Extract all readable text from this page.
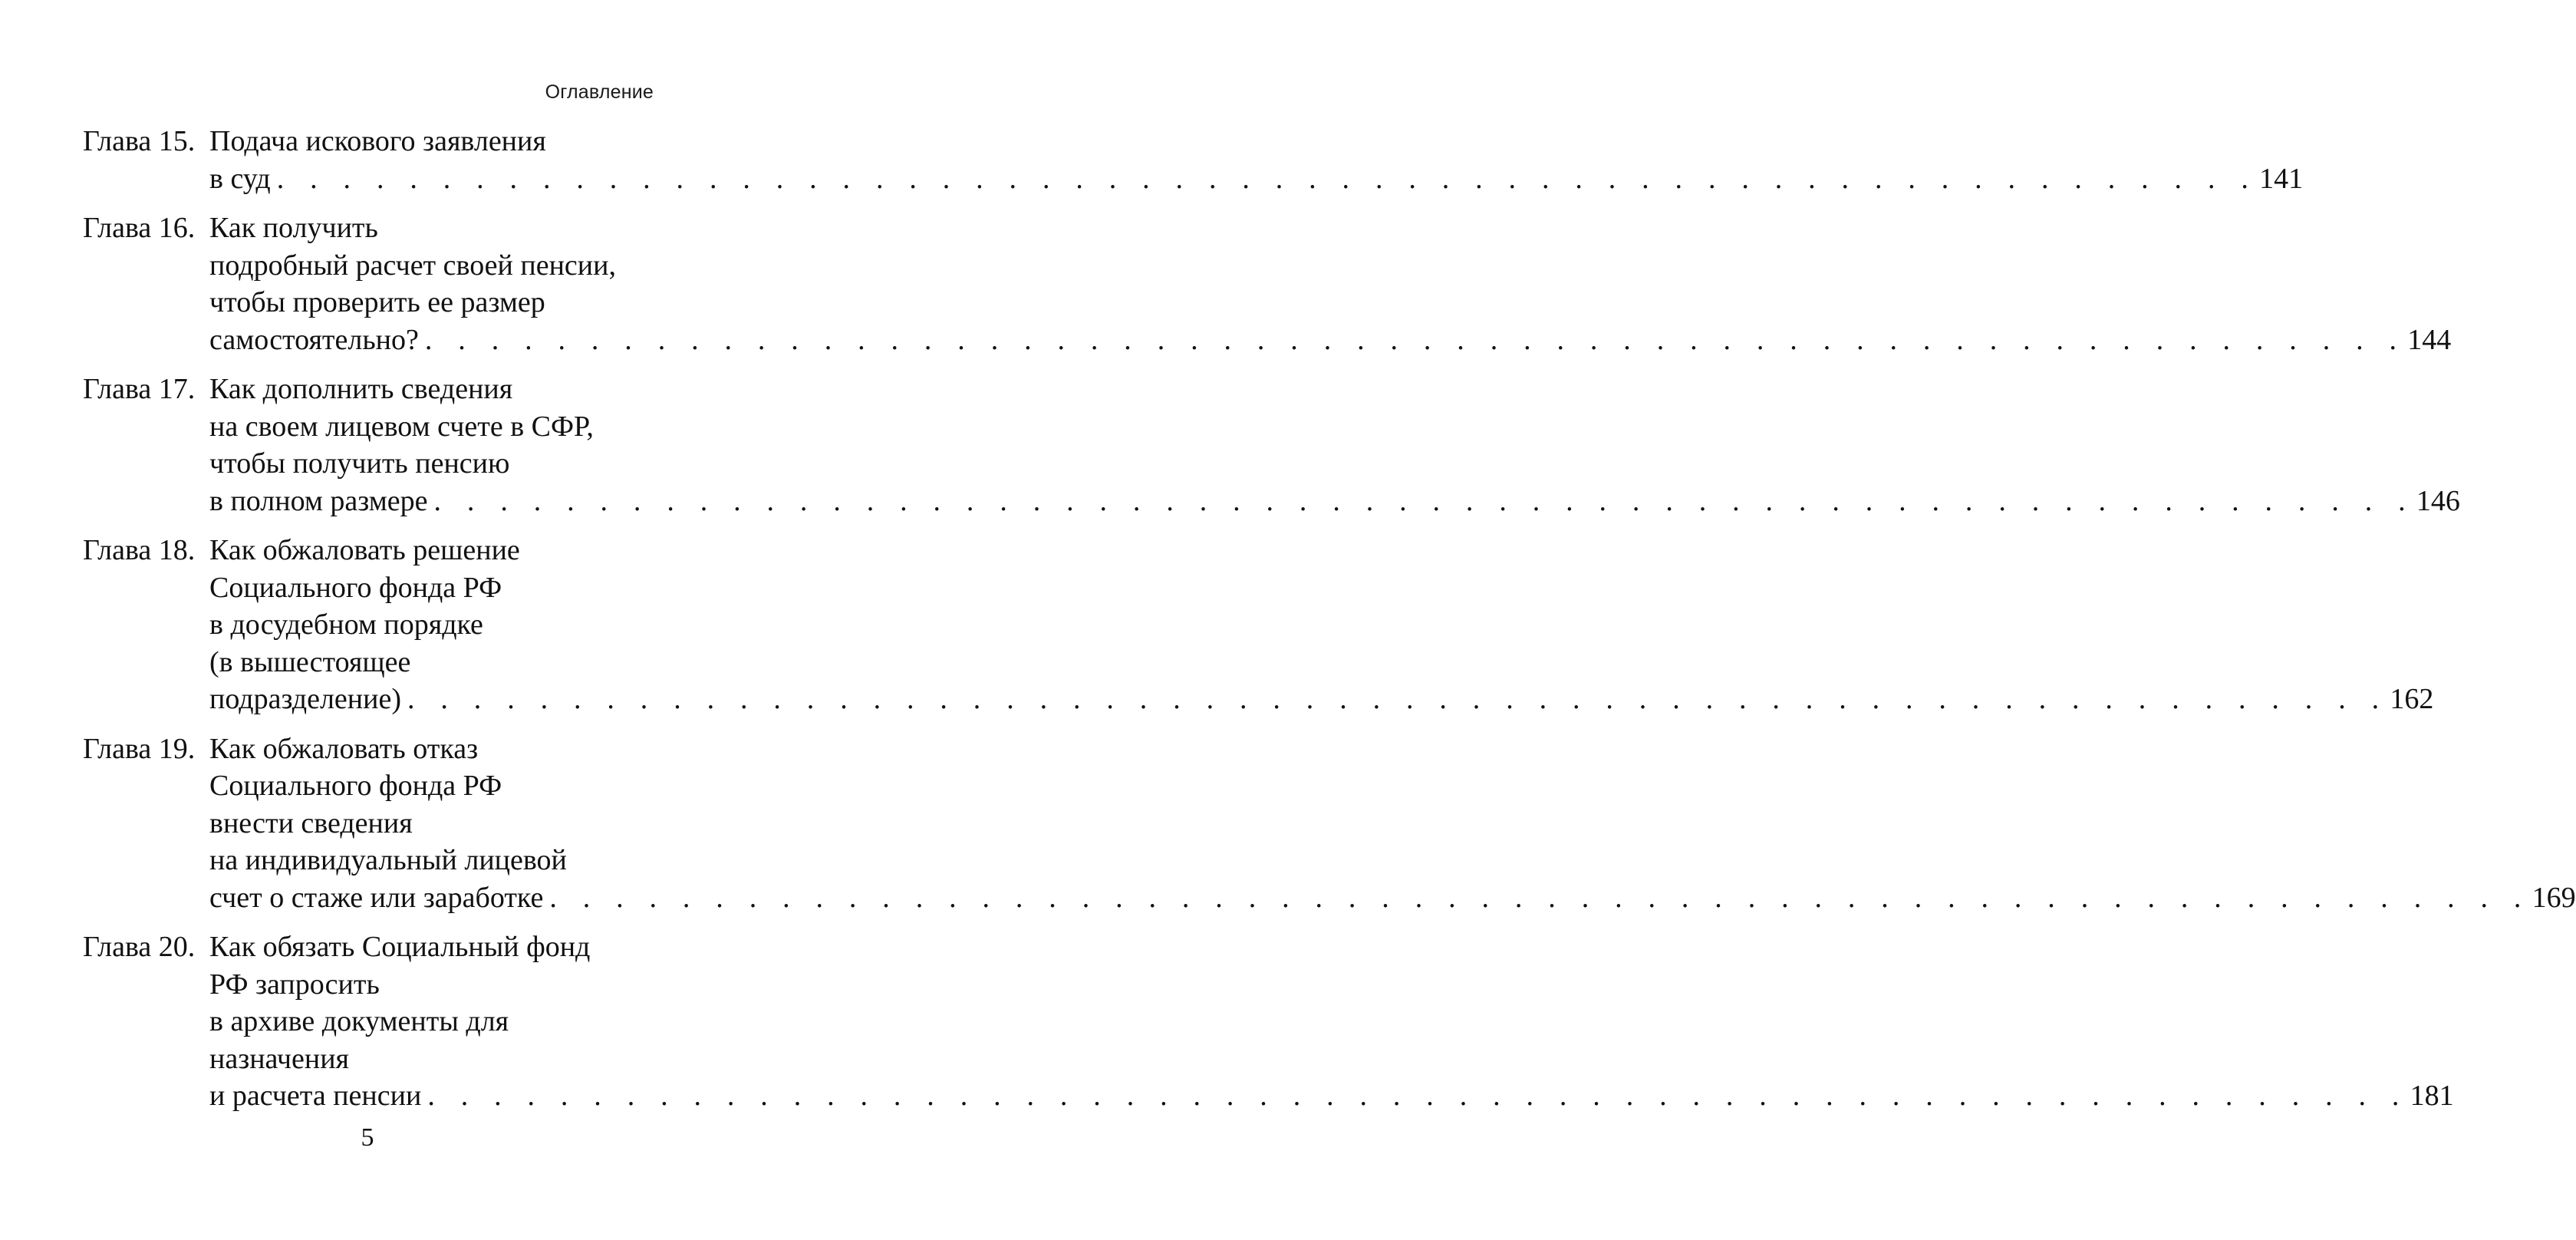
Оглавление
Глава 15. Подача искового заявления
в суд . . . . . . . . . . . . . . . . . . . . . . . . . . . . . . . . . . . . . . . . . . . . . . . . . . . . . . . . . . . . 141
Глава 16. Как получить
подробный расчет своей пенсии,
чтобы проверить ее размер
самостоятельно? . . . . . . . . . . . . . . . . . . . . . . . . . . . . . . . . . . . . . . . . . . . . . . . . . . . . . . . . . . . . 144
Глава 17. Как дополнить сведения
на своем лицевом счете в СФР,
чтобы получить пенсию
в полном размере . . . . . . . . . . . . . . . . . . . . . . . . . . . . . . . . . . . . . . . . . . . . . . . . . . . . . . . . . . . . 146
Глава 18. Как обжаловать решение
Социального фонда РФ
в досудебном порядке
(в вышестоящее
подразделение) . . . . . . . . . . . . . . . . . . . . . . . . . . . . . . . . . . . . . . . . . . . . . . . . . . . . . . . . . . . . 162
Глава 19. Как обжаловать отказ
Социального фонда РФ
внести сведения
на индивидуальный лицевой
счет о стаже или заработке . . . . . . . . . . . . . . . . . . . . . . . . . . . . . . . . . . . . . . . . . . . . . . . . . . . . . . . . . . . . 169
Глава 20. Как обязать Социальный фонд
РФ запросить
в архиве документы для
назначения
и расчета пенсии . . . . . . . . . . . . . . . . . . . . . . . . . . . . . . . . . . . . . . . . . . . . . . . . . . . . . . . . . . . . 181
5
